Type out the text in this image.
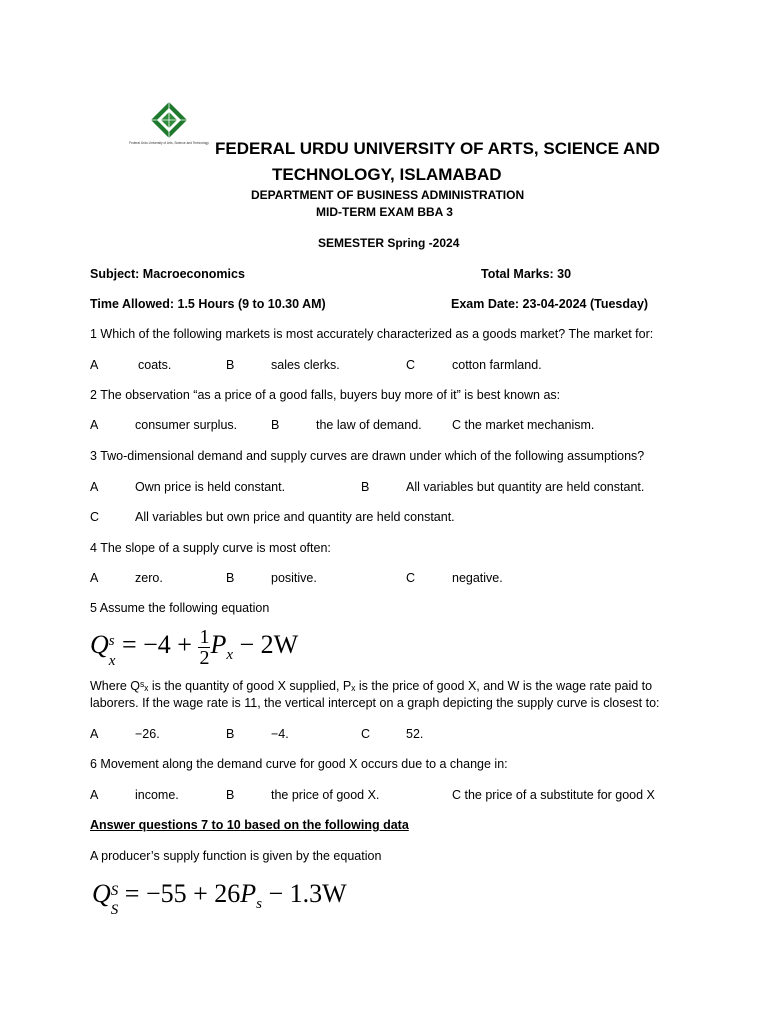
Federal Urdu University of Arts, Science and Technology FEDERAL URDU UNIVERSITY OF ARTS, SCIENCE AND
TECHNOLOGY, ISLAMABAD
DEPARTMENT OF BUSINESS ADMINISTRATION
MID-TERM EXAM BBA 3
SEMESTER Spring -2024
Subject: Macroeconomics	Total Marks: 30
Time Allowed: 1.5 Hours (9 to 10.30 AM)	Exam Date: 23-04-2024 (Tuesday)
1 Which of the following markets is most accurately characterized as a goods market? The market for:
A	coats.	B	sales clerks.	C	cotton farmland.
2 The observation “as a price of a good falls, buyers buy more of it” is best known as:
A	consumer surplus.	B	the law of demand. C the market mechanism.
3 Two-dimensional demand and supply curves are drawn under which of the following assumptions?
A	Own price is held constant.	B	All variables but quantity are held constant.
C	All variables but own price and quantity are held constant.
4 The slope of a supply curve is most often:
A	zero.	B	positive.	C	negative.
5 Assume the following equation
Q s
$_x = -4 + \frac{1}{2} P_x - 2W$
Where Qˢₓ is the quantity of good X supplied, Pₓ is the price of good X, and W is the wage rate paid to
laborers. If the wage rate is 11, the vertical intercept on a graph depicting the supply curve is closest to:
A	−26.	B	−4.	C	52.
6 Movement along the demand curve for good X occurs due to a change in:
A	income.	B	the price of good X.	C the price of a substitute for good X
Answer questions 7 to 10 based on the following data
A producer’s supply function is given by the equation
Q S
$_S = -55 + 26P_s - 1.3W$
